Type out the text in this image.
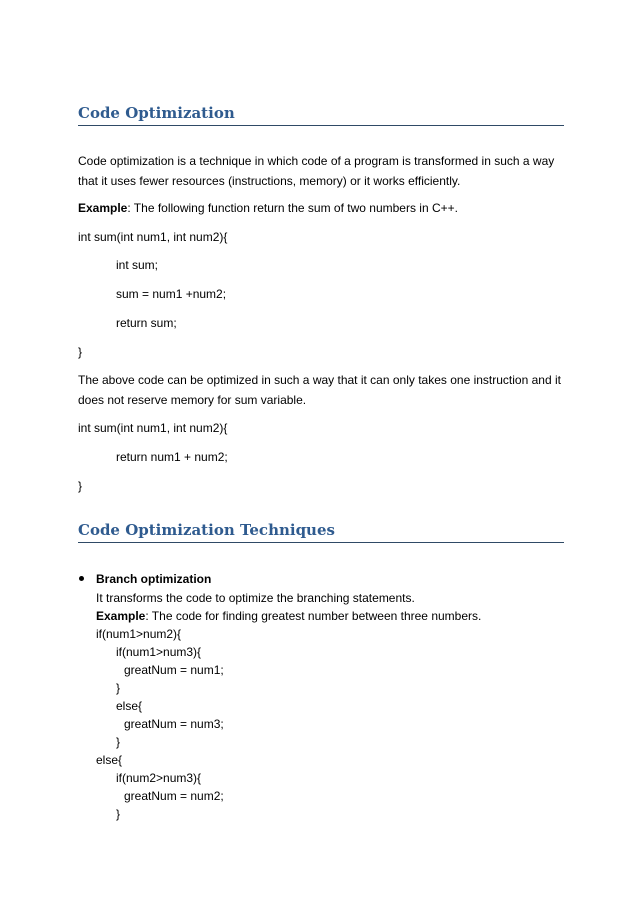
Code Optimization
Code optimization is a technique in which code of a program is transformed in such a way
that it uses fewer resources (instructions, memory) or it works efficiently.
Example: The following function return the sum of two numbers in C++.
int sum(int num1, int num2){
int sum;
sum = num1 +num2;
return sum;
}
The above code can be optimized in such a way that it can only takes one instruction and it
does not reserve memory for sum variable.
int sum(int num1, int num2){
return num1 + num2;
}
Code Optimization Techniques
Branch optimization
It transforms the code to optimize the branching statements.
Example: The code for finding greatest number between three numbers.
if(num1>num2){
if(num1>num3){
greatNum = num1;
}
else{
greatNum = num3;
}
else{
if(num2>num3){
greatNum = num2;
}
